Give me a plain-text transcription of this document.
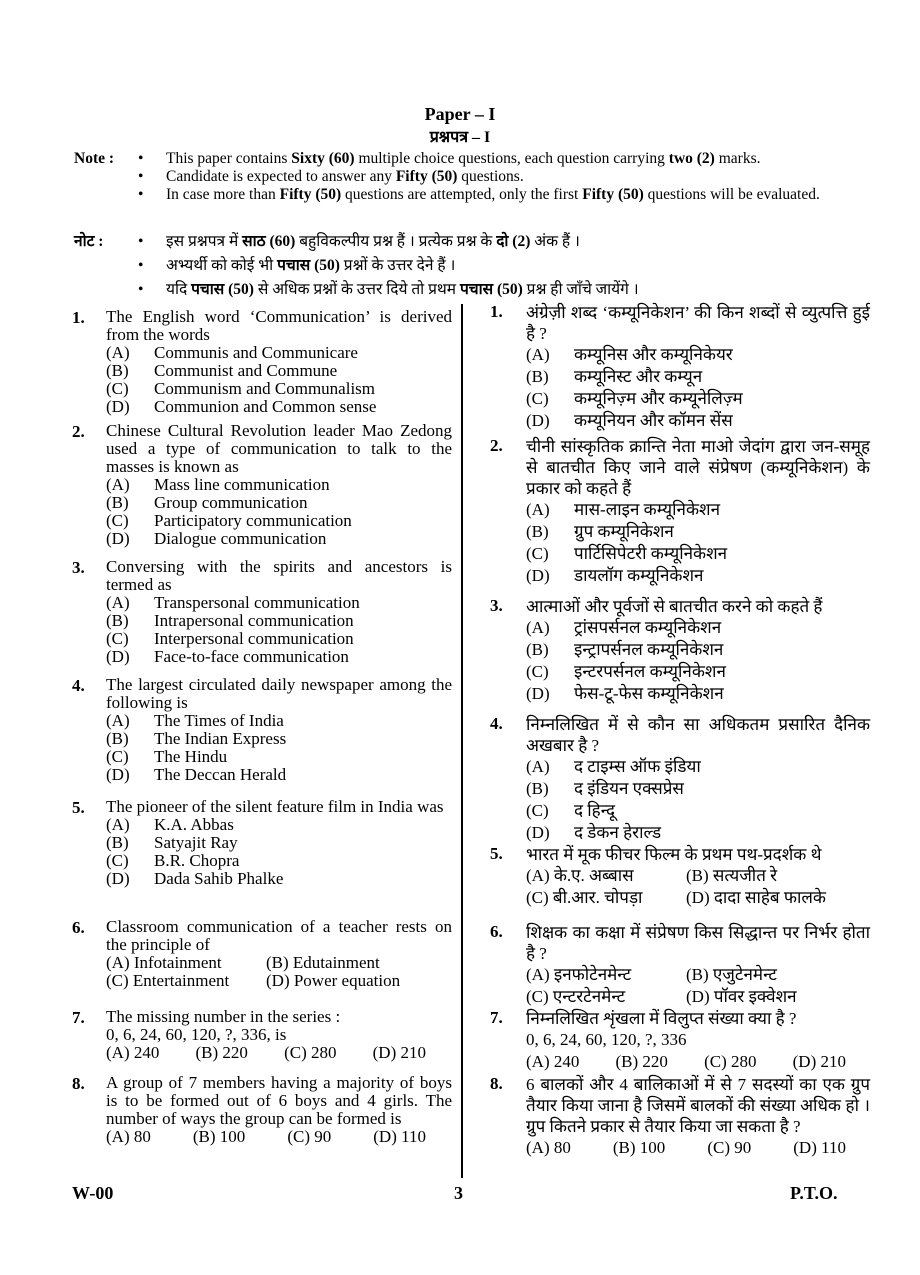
Paper – I
प्रश्नपत्र – I
Note :	• This paper contains Sixty (60) multiple choice questions, each question carrying two (2) marks.
• Candidate is expected to answer any Fifty (50) questions.
• In case more than Fifty (50) questions are attempted, only the first Fifty (50) questions will be evaluated.
नोट :	• इस प्रश्नपत्र में साठ (60) बहुविकल्पीय प्रश्न हैं । प्रत्येक प्रश्न के दो (2) अंक हैं ।
• अभ्यर्थी को कोई भी पचास (50) प्रश्नों के उत्तर देने हैं ।
• यदि पचास (50) से अधिक प्रश्नों के उत्तर दिये तो प्रथम पचास (50) प्रश्न ही जाँचे जायेंगे ।
1. The English word ‘Communication’ is derived from the words
(A)	Communis and Communicare
(B)	Communist and Commune
(C)	Communism and Communalism
(D)	Communion and Common sense
2. Chinese Cultural Revolution leader Mao Zedong used a type of communication to talk to the masses is known as
(A)	Mass line communication
(B)	Group communication
(C)	Participatory communication
(D)	Dialogue communication
3. Conversing with the spirits and ancestors is termed as
(A)	Transpersonal communication
(B)	Intrapersonal communication
(C)	Interpersonal communication
(D)	Face-to-face communication
4. The largest circulated daily newspaper among the following is
(A)	The Times of India
(B)	The Indian Express
(C)	The Hindu
(D)	The Deccan Herald
5. The pioneer of the silent feature film in India was
(A)	K.A. Abbas
(B)	Satyajit Ray
(C)	B.R. Chopra
(D)	Dada Sahib Phalke
6. Classroom communication of a teacher rests on the principle of
(A) Infotainment	(B) Edutainment
(C) Entertainment	(D) Power equation
7. The missing number in the series :
0, 6, 24, 60, 120, ?, 336, is
(A) 240 (B) 220 (C) 280 (D) 210
8. A group of 7 members having a majority of boys is to be formed out of 6 boys and 4 girls. The number of ways the group can be formed is
(A) 80 (B) 100 (C) 90 (D) 110
1. अंग्रेज़ी शब्द ‘कम्यूनिकेशन’ की किन शब्दों से व्युत्पत्ति हुई है ?
(A)	कम्यूनिस और कम्यूनिकेयर
(B)	कम्यूनिस्ट और कम्यून
(C)	कम्यूनिज़्म और कम्यूनेलिज़्म
(D)	कम्यूनियन और कॉमन सेंस
2. चीनी सांस्कृतिक क्रान्ति नेता माओ जेदांग द्वारा जन-समूह से बातचीत किए जाने वाले संप्रेषण (कम्यूनिकेशन) के प्रकार को कहते हैं
(A)	मास-लाइन कम्यूनिकेशन
(B)	ग्रुप कम्यूनिकेशन
(C)	पार्टिसिपेटरी कम्यूनिकेशन
(D)	डायलॉग कम्यूनिकेशन
3. आत्माओं और पूर्वजों से बातचीत करने को कहते हैं
(A)	ट्रांसपर्सनल कम्यूनिकेशन
(B)	इन्ट्रापर्सनल कम्यूनिकेशन
(C)	इन्टरपर्सनल कम्यूनिकेशन
(D)	फेस-टू-फेस कम्यूनिकेशन
4. निम्नलिखित में से कौन सा अधिकतम प्रसारित दैनिक अखबार है ?
(A)	द टाइम्स ऑफ इंडिया
(B)	द इंडियन एक्सप्रेस
(C)	द हिन्दू
(D)	द डेकन हेराल्ड
5. भारत में मूक फीचर फिल्म के प्रथम पथ-प्रदर्शक थे
(A) के.ए. अब्बास	(B) सत्यजीत रे
(C) बी.आर. चोपड़ा	(D) दादा साहेब फालके
6. शिक्षक का कक्षा में संप्रेषण किस सिद्धान्त पर निर्भर होता है ?
(A) इनफोटेनमेन्ट	(B) एजुटेनमेन्ट
(C) एन्टरटेनमेन्ट	(D) पॉवर इक्वेशन
7. निम्नलिखित शृंखला में विलुप्त संख्या क्या है ?
0, 6, 24, 60, 120, ?, 336
(A) 240 (B) 220 (C) 280 (D) 210
8. 6 बालकों और 4 बालिकाओं में से 7 सदस्यों का एक ग्रुप तैयार किया जाना है जिसमें बालकों की संख्या अधिक हो । ग्रुप कितने प्रकार से तैयार किया जा सकता है ?
(A) 80 (B) 100 (C) 90 (D) 110
W-00	3	P.T.O.
